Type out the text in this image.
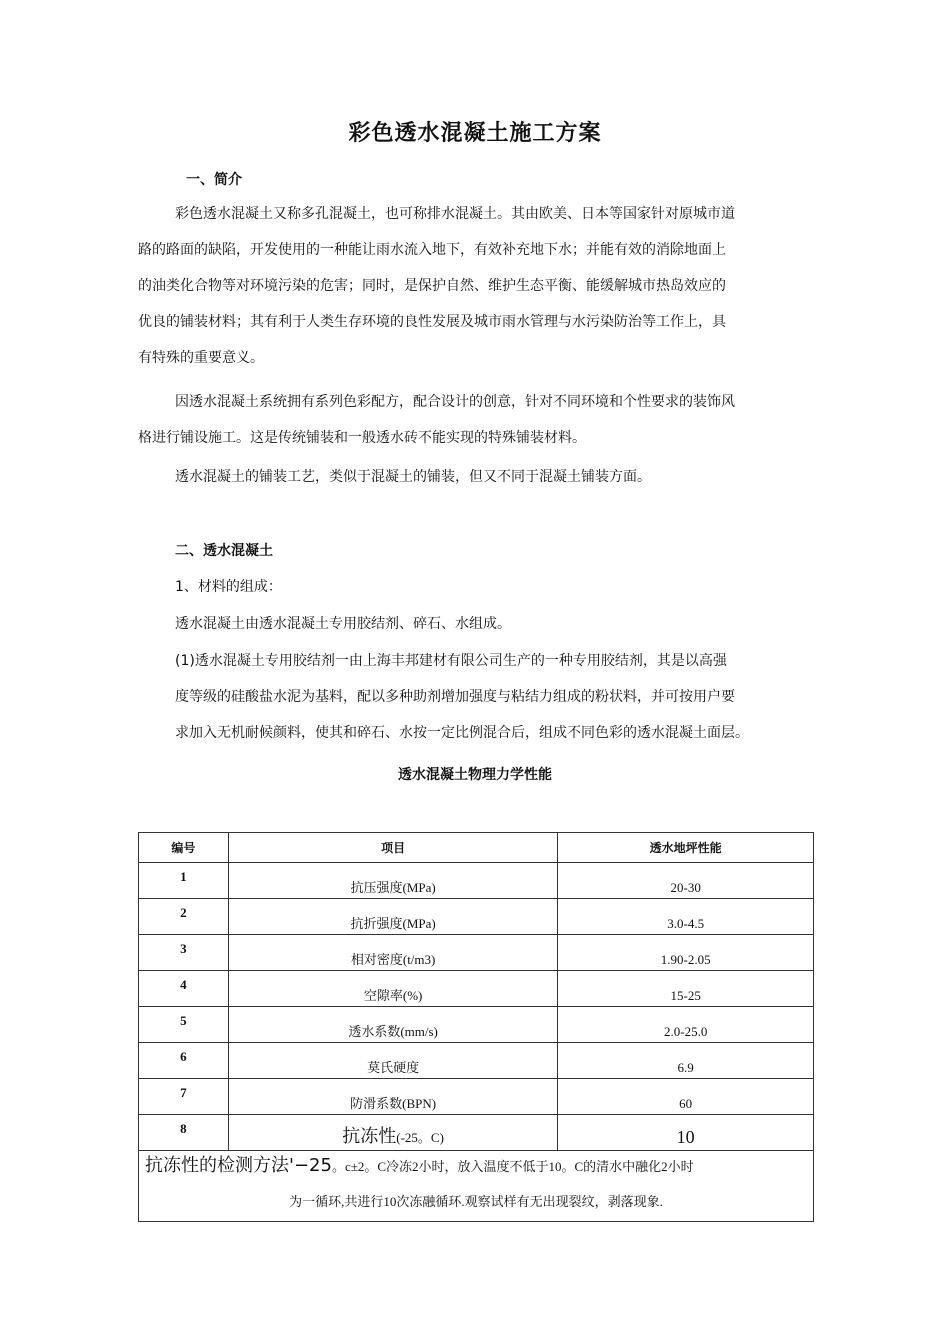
彩色透水混凝土施工方案
一、简介
彩色透水混凝土又称多孔混凝土，也可称排水混凝土。其由欧美、日本等国家针对原城市道
路的路面的缺陷，开发使用的一种能让雨水流入地下，有效补充地下水；并能有效的消除地面上
的油类化合物等对环境污染的危害；同时，是保护自然、维护生态平衡、能缓解城市热岛效应的
优良的铺装材料；其有利于人类生存环境的良性发展及城市雨水管理与水污染防治等工作上，具
有特殊的重要意义。
因透水混凝土系统拥有系列色彩配方，配合设计的创意，针对不同环境和个性要求的装饰风
格进行铺设施工。这是传统铺装和一般透水砖不能实现的特殊铺装材料。
透水混凝土的铺装工艺，类似于混凝土的铺装，但又不同于混凝土铺装方面。
二、透水混凝土
1、材料的组成：
透水混凝土由透水混凝土专用胶结剂、碎石、水组成。
(1)透水混凝土专用胶结剂一由上海丰邦建材有限公司生产的一种专用胶结剂，其是以高强
度等级的硅酸盐水泥为基料，配以多种助剂增加强度与粘结力组成的粉状料，并可按用户要
求加入无机耐候颜料，使其和碎石、水按一定比例混合后，组成不同色彩的透水混凝土面层。
透水混凝土物理力学性能
编号	项目	透水地坪性能
1	抗压强度(MPa)	20-30
2	抗折强度(MPa)	3.0-4.5
3	相对密度(t/m3)	1.90-2.05
4	空隙率(%)	15-25
5	透水系数(mm/s)	2.0-25.0
6	莫氏硬度	6.9
7	防滑系数(BPN)	60
8	抗冻性(-25。C)	10

抗冻性的检测方法'−25。c±2。C冷冻2小时，放入温度不低于10。C的清水中融化2小时
为一循环,共进行10次冻融循环.观察试样有无出现裂纹，剥落现象.		
